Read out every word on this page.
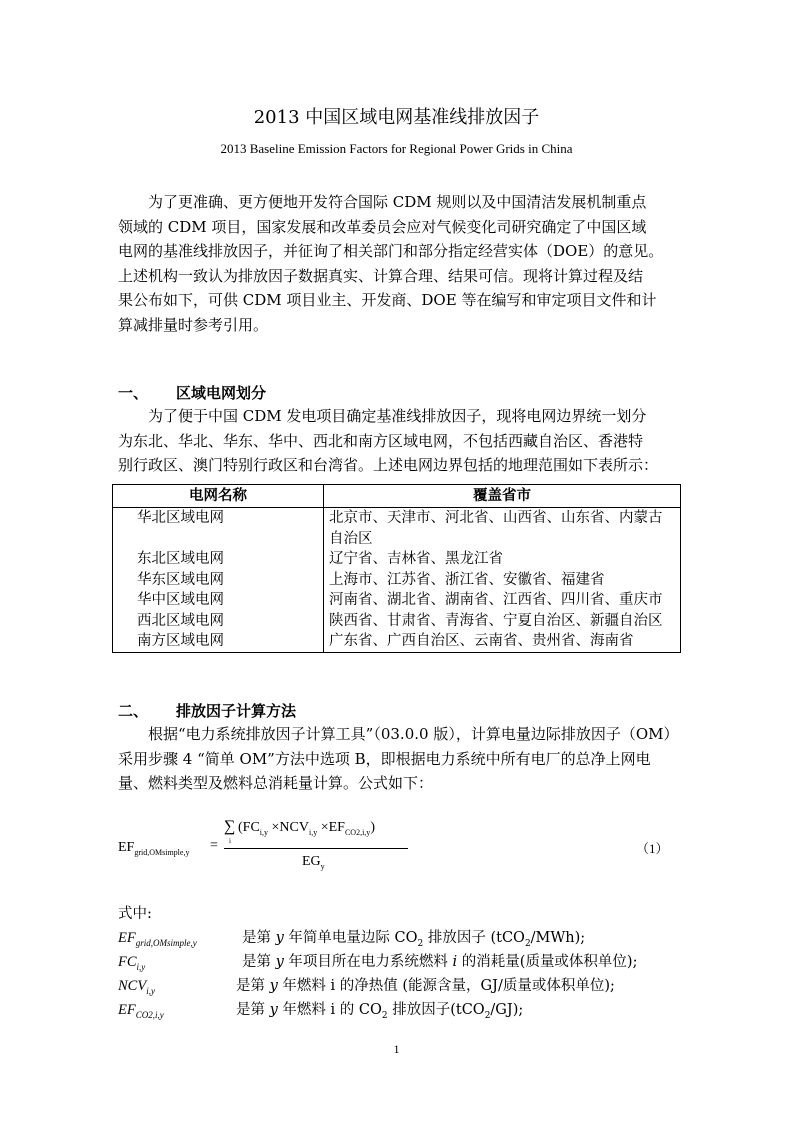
2013 中国区域电网基准线排放因子
2013 Baseline Emission Factors for Regional Power Grids in China

为了更准确、更方便地开发符合国际 CDM 规则以及中国清洁发展机制重点

领域的 CDM 项目，国家发展和改革委员会应对气候变化司研究确定了中国区域

电网的基准线排放因子，并征询了相关部门和部分指定经营实体（DOE）的意见。

上述机构一致认为排放因子数据真实、计算合理、结果可信。现将计算过程及结

果公布如下，可供 CDM 项目业主、开发商、DOE 等在编写和审定项目文件和计

算减排量时参考引用。

一、 区域电网划分

为了便于中国 CDM 发电项目确定基准线排放因子，现将电网边界统一划分

为东北、华北、华东、华中、西北和南方区域电网，不包括西藏自治区、香港特

别行政区、澳门特别行政区和台湾省。上述电网边界包括的地理范围如下表所示：

电网名称	覆盖省市
华北区域电网	北京市、天津市、河北省、山西省、山东省、内蒙古
自治区

东北区域电网	辽宁省、吉林省、黑龙江省
华东区域电网	上海市、江苏省、浙江省、安徽省、福建省
华中区域电网	河南省、湖北省、湖南省、江西省、四川省、重庆市
西北区域电网	陕西省、甘肃省、青海省、宁夏自治区、新疆自治区
南方区域电网	广东省、广西自治区、云南省、贵州省、海南省
二、 排放因子计算方法

根据“电力系统排放因子计算工具”（03.0.0 版），计算电量边际排放因子（OM）

采用步骤 4 “简单 OM”方法中选项 B，即根据电力系统中所有电厂的总净上网电

量、燃料类型及燃料总消耗量计算。公式如下：

$EF_{grid,OMsimple,y}$ =
∑
i
$(FC_{i,y} \times NCV_{i,y} \times EF_{CO2,i,y})$
$EG_y$
（1）
式中:
$EF_{grid,OMsimple,y}$	是第 y 年简单电量边际 $CO_2$ 排放因子 (tCO$_2$/MWh);
$FC_{i,y}$	是第 y 年项目所在电力系统燃料 i 的消耗量(质量或体积单位);
$NCV_{i,y}$	是第 y 年燃料 i 的净热值 (能源含量，GJ/质量或体积单位);
$EF_{CO2,i,y}$	是第 y 年燃料 i 的 $CO_2$ 排放因子(tCO$_2$/GJ);
1
